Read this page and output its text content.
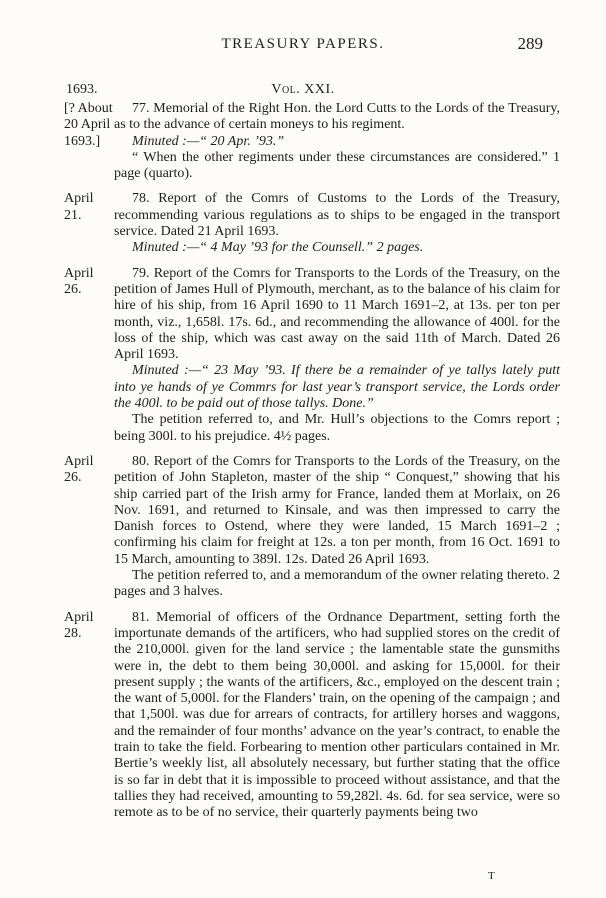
TREASURY PAPERS.	289
1693.	Vol. XXI.
[? About
20 April
1693.]

77. Memorial of the Right Hon. the Lord Cutts to the Lords of the Treasury, as to the advance of certain moneys to his regiment.

Minuted :—“ 20 Apr. ’93.”

“ When the other regiments under these circumstances are considered.” 1 page (quarto).

April 21.

78. Report of the Comrs of Customs to the Lords of the Treasury, recommending various regulations as to ships to be engaged in the transport service. Dated 21 April 1693.

Minuted :—“ 4 May ’93 for the Counsell.” 2 pages.

April 26.

79. Report of the Comrs for Transports to the Lords of the Treasury, on the petition of James Hull of Plymouth, merchant, as to the balance of his claim for hire of his ship, from 16 April 1690 to 11 March 1691–2, at 13s. per ton per month, viz., 1,658l. 17s. 6d., and recommending the allowance of 400l. for the loss of the ship, which was cast away on the said 11th of March. Dated 26 April 1693.

Minuted :—“ 23 May ’93. If there be a remainder of ye tallys lately putt into ye hands of ye Commrs for last year’s transport service, the Lords order the 400l. to be paid out of those tallys. Done.”

The petition referred to, and Mr. Hull’s objections to the Comrs report ; being 300l. to his prejudice. 4½ pages.

April 26.

80. Report of the Comrs for Transports to the Lords of the Treasury, on the petition of John Stapleton, master of the ship “ Conquest,” showing that his ship carried part of the Irish army for France, landed them at Morlaix, on 26 Nov. 1691, and returned to Kinsale, and was then impressed to carry the Danish forces to Ostend, where they were landed, 15 March 1691–2 ; confirming his claim for freight at 12s. a ton per month, from 16 Oct. 1691 to 15 March, amounting to 389l. 12s. Dated 26 April 1693.

The petition referred to, and a memorandum of the owner relating thereto. 2 pages and 3 halves.

April 28.

81. Memorial of officers of the Ordnance Department, setting forth the importunate demands of the artificers, who had supplied stores on the credit of the 210,000l. given for the land service ; the lamentable state the gunsmiths were in, the debt to them being 30,000l. and asking for 15,000l. for their present supply ; the wants of the artificers, &c., employed on the descent train ; the want of 5,000l. for the Flanders’ train, on the opening of the campaign ; and that 1,500l. was due for arrears of contracts, for artillery horses and waggons, and the remainder of four months’ advance on the year’s contract, to enable the train to take the field. Forbearing to mention other particulars contained in Mr. Bertie’s weekly list, all absolutely necessary, but further stating that the office is so far in debt that it is impossible to proceed without assistance, and that the tallies they had received, amounting to 59,282l. 4s. 6d. for sea service, were so remote as to be of no service, their quarterly payments being two

T
